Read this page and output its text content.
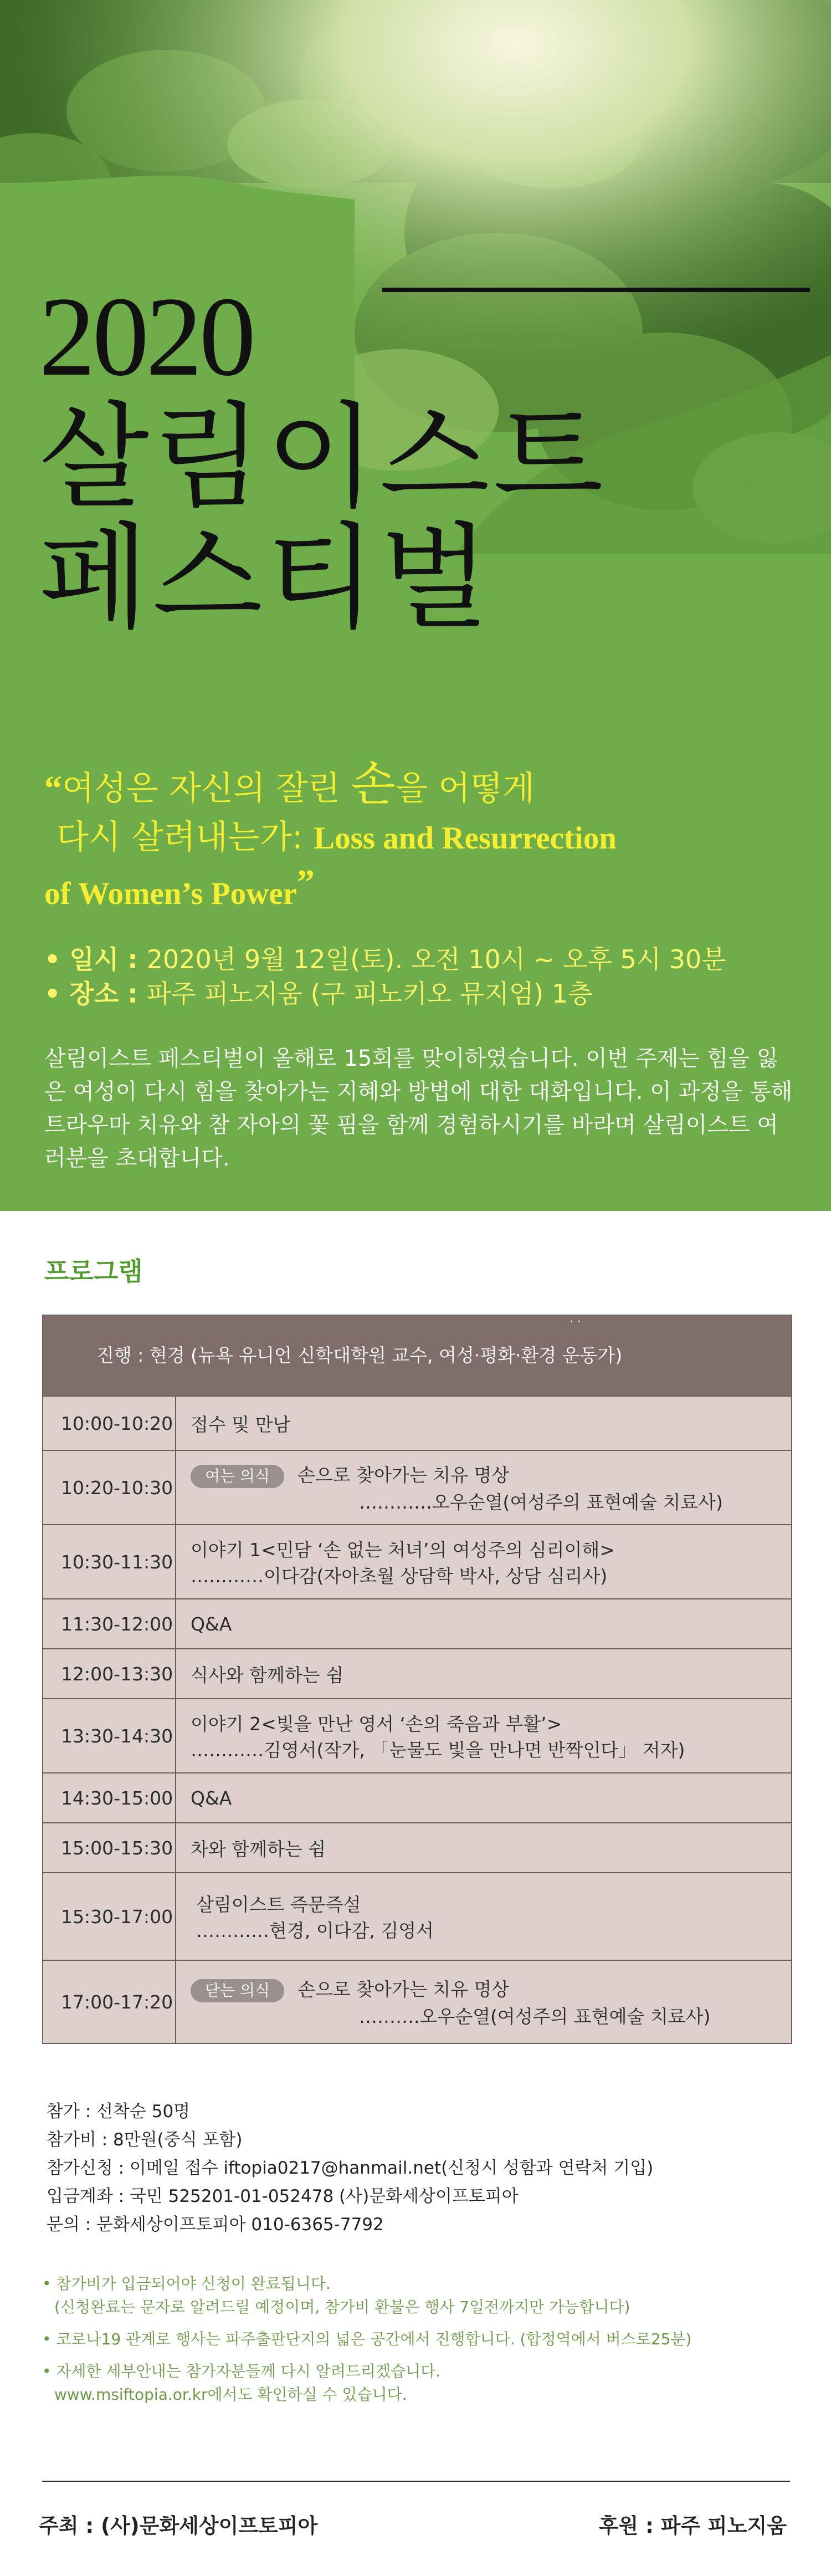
2020
살림이스트
페스티벌
“여성은 자신의 잘린 손을 어떻게
다시 살려내는가: Loss and Resurrection
of Women’s Power”
• 일시 : 2020년 9월 12일(토). 오전 10시 ~ 오후 5시 30분
• 장소 : 파주 피노지움 (구 피노키오 뮤지엄) 1층
살림이스트 페스티벌이 올해로 15회를 맞이하였습니다. 이번 주제는 힘을 잃은 여성이 다시 힘을 찾아가는 지혜와 방법에 대한 대화입니다. 이 과정을 통해 트라우마 치유와 참 자아의 꽃 핌을 함께 경험하시기를 바라며 살림이스트 여러분을 초대합니다.
프로그램
· ·
진행 : 현경 (뉴욕 유니언 신학대학원 교수, 여성·평화·환경 운동가)
10:00-10:20 접수 및 만남
10:20-10:30
여는 의식 손으로 찾아가는 치유 명상
…………오우순열(여성주의 표현예술 치료사)
10:30-11:30
이야기 1<민담 ‘손 없는 처녀’의 여성주의 심리이해>
…………이다감(자아초월 상담학 박사, 상담 심리사)
11:30-12:00 Q&A
12:00-13:30 식사와 함께하는 쉼
13:30-14:30
이야기 2<빛을 만난 영서 ‘손의 죽음과 부활’>
…………김영서(작가, 「눈물도 빛을 만나면 반짝인다」 저자)
14:30-15:00 Q&A
15:00-15:30 차와 함께하는 쉼
15:30-17:00
살림이스트 즉문즉설
…………현경, 이다감, 김영서
17:00-17:20
닫는 의식 손으로 찾아가는 치유 명상
……….오우순열(여성주의 표현예술 치료사)
참가 : 선착순 50명
참가비 : 8만원(중식 포함)
참가신청 : 이메일 접수 iftopia0217@hanmail.net(신청시 성함과 연락처 기입)
입금계좌 : 국민 525201-01-052478 (사)문화세상이프토피아
문의 : 문화세상이프토피아 010-6365-7792

• 참가비가 입금되어야 신청이 완료됩니다.
(신청완료는 문자로 알려드릴 예정이며, 참가비 환불은 행사 7일전까지만 가능합니다)

• 코로나19 관계로 행사는 파주출판단지의 넓은 공간에서 진행합니다. (합정역에서 버스로25분)

• 자세한 세부안내는 참가자분들께 다시 알려드리겠습니다.
www.msiftopia.or.kr에서도 확인하실 수 있습니다.

주최 : (사)문화세상이프토피아	후원 : 파주 피노지움
